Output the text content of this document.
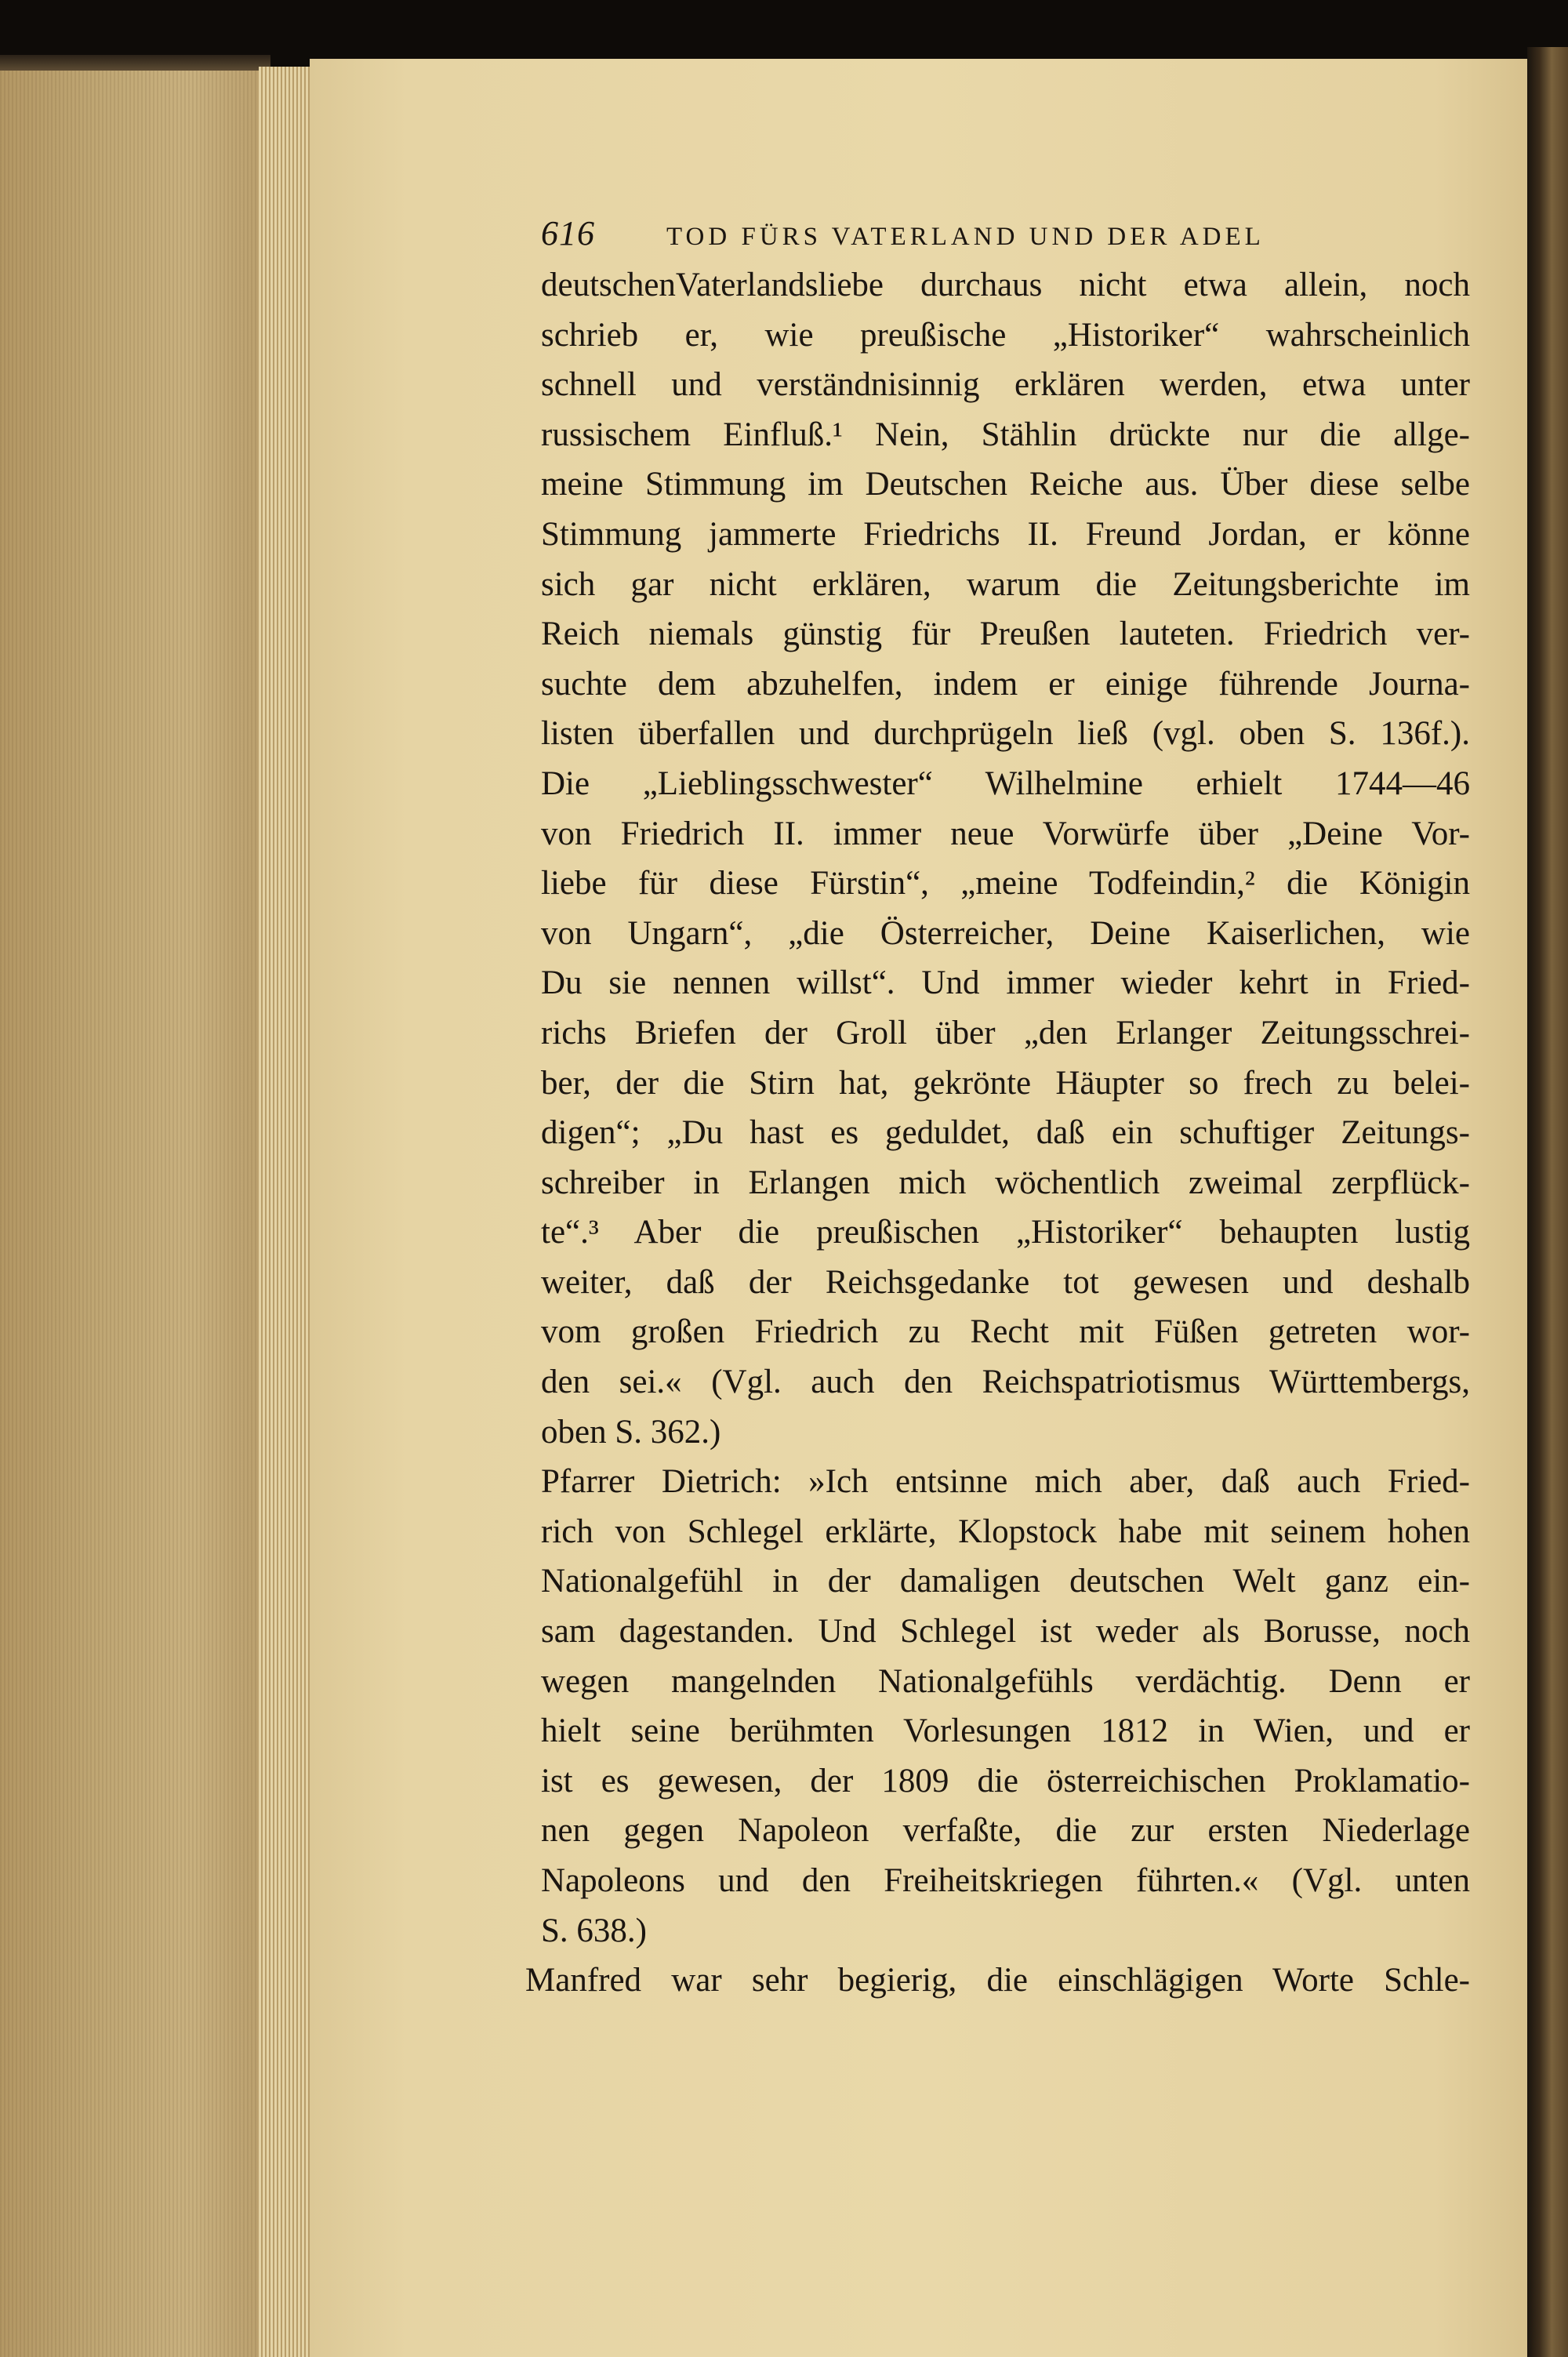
616	TOD FÜRS VATERLAND UND DER ADEL
deutschenVaterlandsliebe durchaus nicht etwa allein, noch
schrieb er, wie preußische „Historiker“ wahrscheinlich
schnell und verständnisinnig erklären werden, etwa unter
russischem Einfluß.¹ Nein, Stählin drückte nur die allge-
meine Stimmung im Deutschen Reiche aus. Über diese selbe
Stimmung jammerte Friedrichs II. Freund Jordan, er könne
sich gar nicht erklären, warum die Zeitungsberichte im
Reich niemals günstig für Preußen lauteten. Friedrich ver-
suchte dem abzuhelfen, indem er einige führende Journa-
listen überfallen und durchprügeln ließ (vgl. oben S. 136f.).
Die „Lieblingsschwester“ Wilhelmine erhielt 1744—46
von Friedrich II. immer neue Vorwürfe über „Deine Vor-
liebe für diese Fürstin“, „meine Todfeindin,² die Königin
von Ungarn“, „die Österreicher, Deine Kaiserlichen, wie
Du sie nennen willst“. Und immer wieder kehrt in Fried-
richs Briefen der Groll über „den Erlanger Zeitungsschrei-
ber, der die Stirn hat, gekrönte Häupter so frech zu belei-
digen“; „Du hast es geduldet, daß ein schuftiger Zeitungs-
schreiber in Erlangen mich wöchentlich zweimal zerpflück-
te“.³ Aber die preußischen „Historiker“ behaupten lustig
weiter, daß der Reichsgedanke tot gewesen und deshalb
vom großen Friedrich zu Recht mit Füßen getreten wor-
den sei.« (Vgl. auch den Reichspatriotismus Württembergs,
oben S. 362.)
Pfarrer Dietrich: »Ich entsinne mich aber, daß auch Fried-
rich von Schlegel erklärte, Klopstock habe mit seinem hohen
Nationalgefühl in der damaligen deutschen Welt ganz ein-
sam dagestanden. Und Schlegel ist weder als Borusse, noch
wegen mangelnden Nationalgefühls verdächtig. Denn er
hielt seine berühmten Vorlesungen 1812 in Wien, und er
ist es gewesen, der 1809 die österreichischen Proklamatio-
nen gegen Napoleon verfaßte, die zur ersten Niederlage
Napoleons und den Freiheitskriegen führten.« (Vgl. unten
S. 638.)
Manfred war sehr begierig, die einschlägigen Worte Schle-
